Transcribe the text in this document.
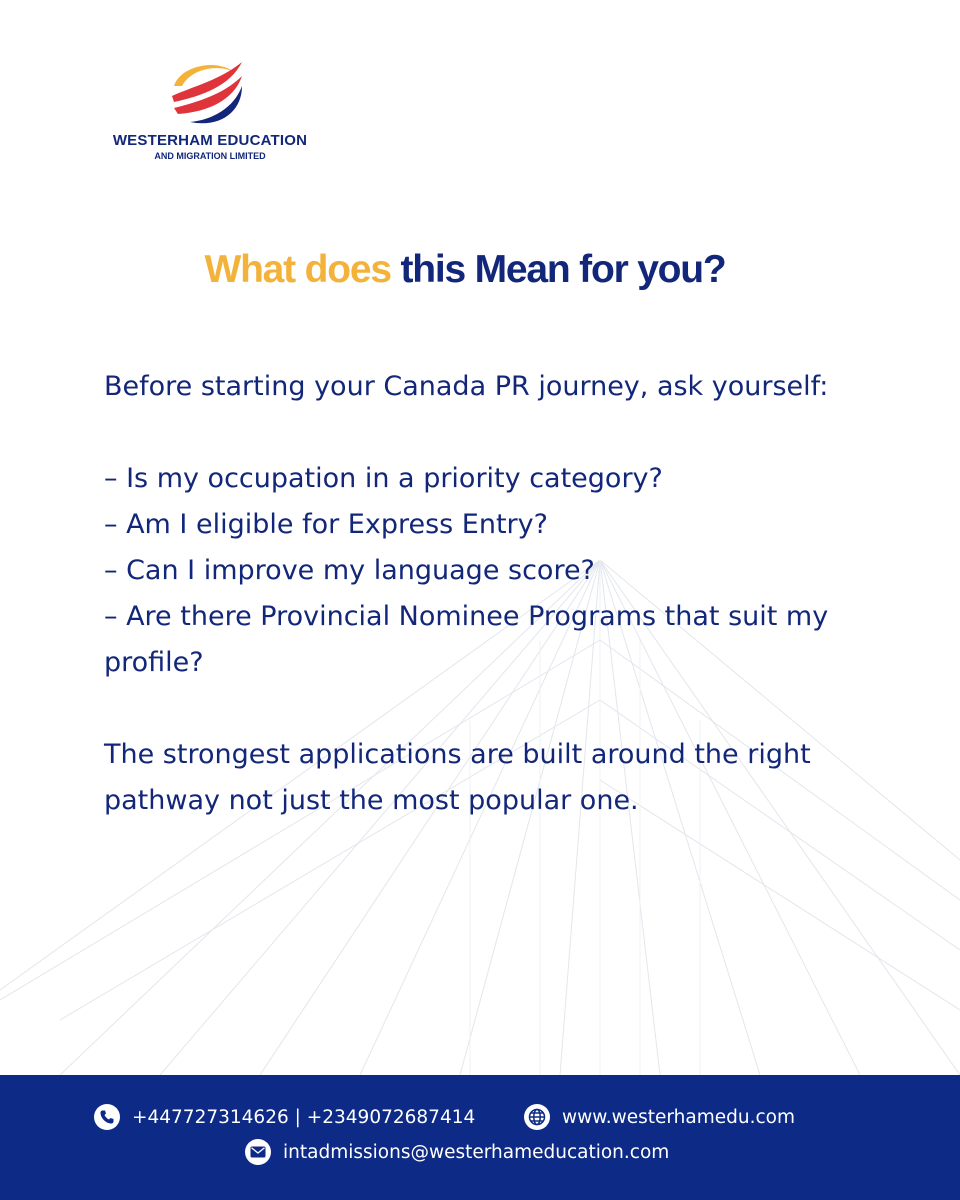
WESTERHAM EDUCATION
AND MIGRATION LIMITED
What does this Mean for you?

Before starting your Canada PR journey, ask yourself:

– Is my occupation in a priority category?

– Am I eligible for Express Entry?

– Can I improve my language score?

– Are there Provincial Nominee Programs that suit my profile?

The strongest applications are built around the right pathway not just the most popular one.

+447727314626 | +2349072687414	www.westerhamedu.com
intadmissions@westerhameducation.com
